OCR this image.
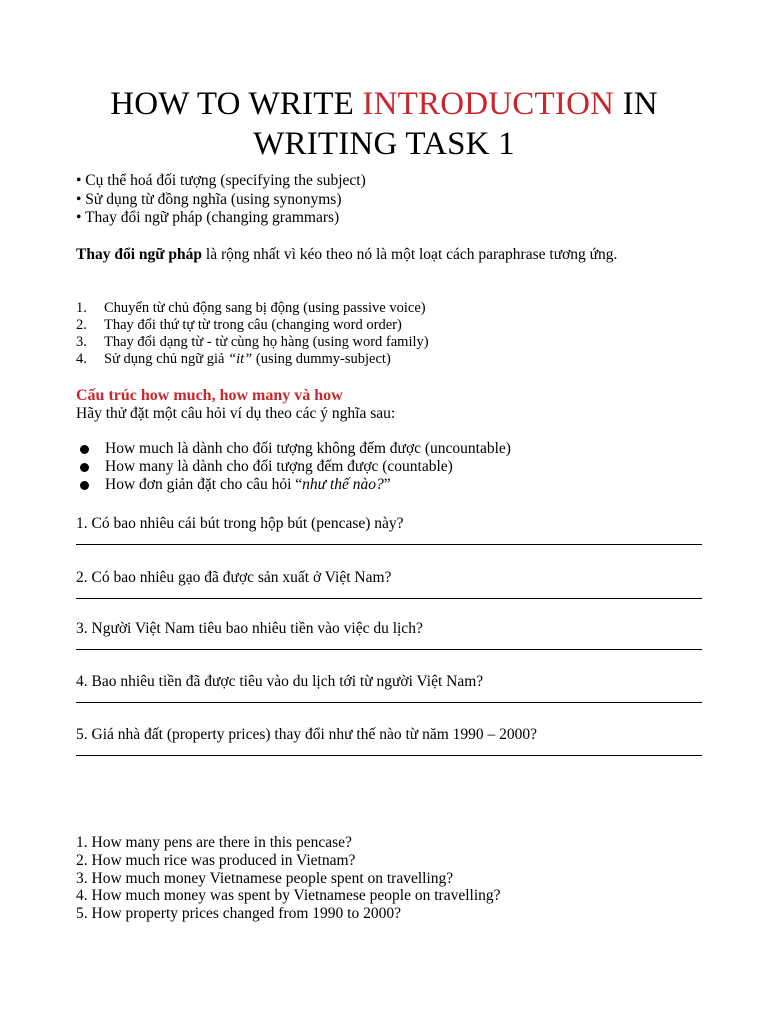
HOW TO WRITE INTRODUCTION IN
WRITING TASK 1
• Cụ thể hoá đối tượng (specifying the subject)
• Sử dụng từ đồng nghĩa (using synonyms)
• Thay đổi ngữ pháp (changing grammars)
Thay đổi ngữ pháp là rộng nhất vì kéo theo nó là một loạt cách paraphrase tương ứng.
1.	Chuyển từ chủ động sang bị động (using passive voice)
2.	Thay đổi thứ tự từ trong câu (changing word order)
3.	Thay đổi dạng từ - từ cùng họ hàng (using word family)
4.	Sử dụng chủ ngữ giả “it” (using dummy-subject)
Cấu trúc how much, how many và how
Hãy thử đặt một câu hỏi ví dụ theo các ý nghĩa sau:
How much là dành cho đối tượng không đếm được (uncountable)
How many là dành cho đối tượng đếm được (countable)
How đơn giản đặt cho câu hỏi “như thế nào?”
1. Có bao nhiêu cái bút trong hộp bút (pencase) này?
2. Có bao nhiêu gạo đã được sản xuất ở Việt Nam?
3. Người Việt Nam tiêu bao nhiêu tiền vào việc du lịch?
4. Bao nhiêu tiền đã được tiêu vào du lịch tới từ người Việt Nam?
5. Giá nhà đất (property prices) thay đổi như thế nào từ năm 1990 – 2000?
1. How many pens are there in this pencase?
2. How much rice was produced in Vietnam?
3. How much money Vietnamese people spent on travelling?
4. How much money was spent by Vietnamese people on travelling?
5. How property prices changed from 1990 to 2000?
